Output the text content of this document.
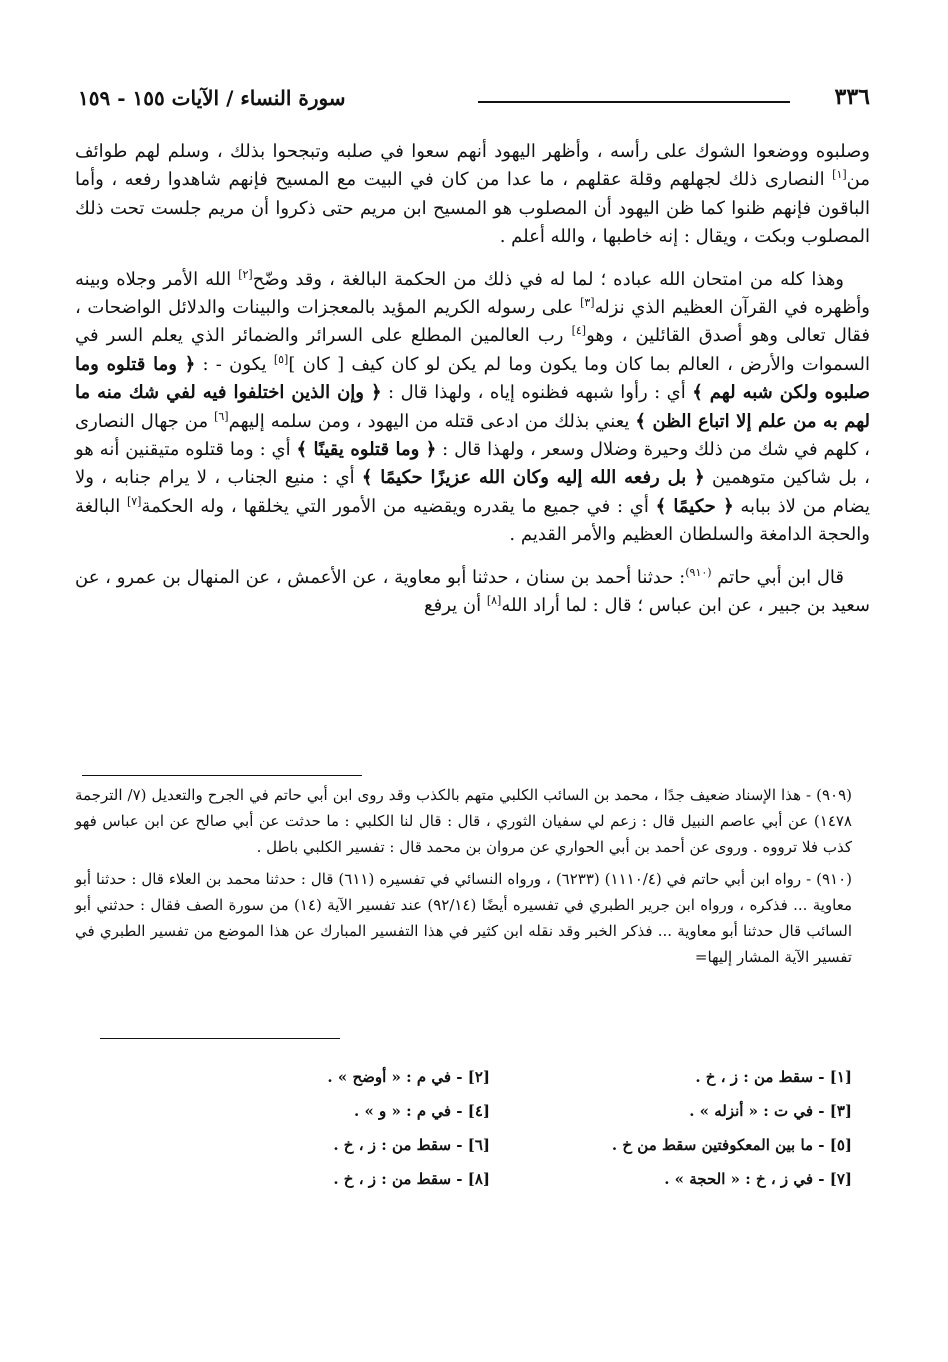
٣٣٦
سورة النساء / الآيات ١٥٥ - ١٥٩

وصلبوه ووضعوا الشوك على رأسه ، وأظهر اليهود أنهم سعوا في صلبه وتبجحوا بذلك ، وسلم لهم طوائف من[١] النصارى ذلك لجهلهم وقلة عقلهم ، ما عدا من كان في البيت مع المسيح فإنهم شاهدوا رفعه ، وأما الباقون فإنهم ظنوا كما ظن اليهود أن المصلوب هو المسيح ابن مريم حتى ذكروا أن مريم جلست تحت ذلك المصلوب وبكت ، ويقال : إنه خاطبها ، والله أعلم .

وهذا كله من امتحان الله عباده ؛ لما له في ذلك من الحكمة البالغة ، وقد وضّح[٢] الله الأمر وجلاه وبينه وأظهره في القرآن العظيم الذي نزله[٣] على رسوله الكريم المؤيد بالمعجزات والبينات والدلائل الواضحات ، فقال تعالى وهو أصدق القائلين ، وهو[٤] رب العالمين المطلع على السرائر والضمائر الذي يعلم السر في السموات والأرض ، العالم بما كان وما يكون وما لم يكن لو كان كيف [ كان ][٥] يكون - : ﴿ وما قتلوه وما صلبوه ولكن شبه لهم ﴾ أي : رأوا شبهه فظنوه إياه ، ولهذا قال : ﴿ وإن الذين اختلفوا فيه لفي شك منه ما لهم به من علم إلا اتباع الظن ﴾ يعني بذلك من ادعى قتله من اليهود ، ومن سلمه إليهم[٦] من جهال النصارى ، كلهم في شك من ذلك وحيرة وضلال وسعر ، ولهذا قال : ﴿ وما قتلوه يقينًا ﴾ أي : وما قتلوه متيقنين أنه هو ، بل شاكين متوهمين ﴿ بل رفعه الله إليه وكان الله عزيزًا حكيمًا ﴾ أي : منيع الجناب ، لا يرام جنابه ، ولا يضام من لاذ ببابه ﴿ حكيمًا ﴾ أي : في جميع ما يقدره ويقضيه من الأمور التي يخلقها ، وله الحكمة[٧] البالغة والحجة الدامغة والسلطان العظيم والأمر القديم .

قال ابن أبي حاتم $^{(٩١٠)}$: حدثنا أحمد بن سنان ، حدثنا أبو معاوية ، عن الأعمش ، عن المنهال بن عمرو ، عن سعيد بن جبير ، عن ابن عباس ؛ قال : لما أراد الله[٨] أن يرفع

(٩٠٩) - هذا الإسناد ضعيف جدًا ، محمد بن السائب الكلبي متهم بالكذب وقد روى ابن أبي حاتم في الجرح والتعديل (٧/ الترجمة ١٤٧٨) عن أبي عاصم النبيل قال : زعم لي سفيان الثوري ، قال : قال لنا الكلبي : ما حدثت عن أبي صالح عن ابن عباس فهو كذب فلا ترووه . وروى عن أحمد بن أبي الحواري عن مروان بن محمد قال : تفسير الكلبي باطل .

(٩١٠) - رواه ابن أبي حاتم في (١١١٠/٤) (٦٢٣٣) ، ورواه النسائي في تفسيره (٦١١) قال : حدثنا محمد بن العلاء قال : حدثنا أبو معاوية ... فذكره ، ورواه ابن جرير الطبري في تفسيره أيضًا (٩٢/١٤) عند تفسير الآية (١٤) من سورة الصف فقال : حدثني أبو السائب قال حدثنا أبو معاوية ... فذكر الخبر وقد نقله ابن كثير في هذا التفسير المبارك عن هذا الموضع من تفسير الطبري في تفسير الآية المشار إليها=

[١] - سقط من : ز ، خ .
[٣] - في ت : « أنزله » .
[٥] - ما بين المعكوفتين سقط من خ .
[٧] - في ز ، خ : « الحجة » .
[٢] - في م : « أوضح » .
[٤] - في م : « و » .
[٦] - سقط من : ز ، خ .
[٨] - سقط من : ز ، خ .
